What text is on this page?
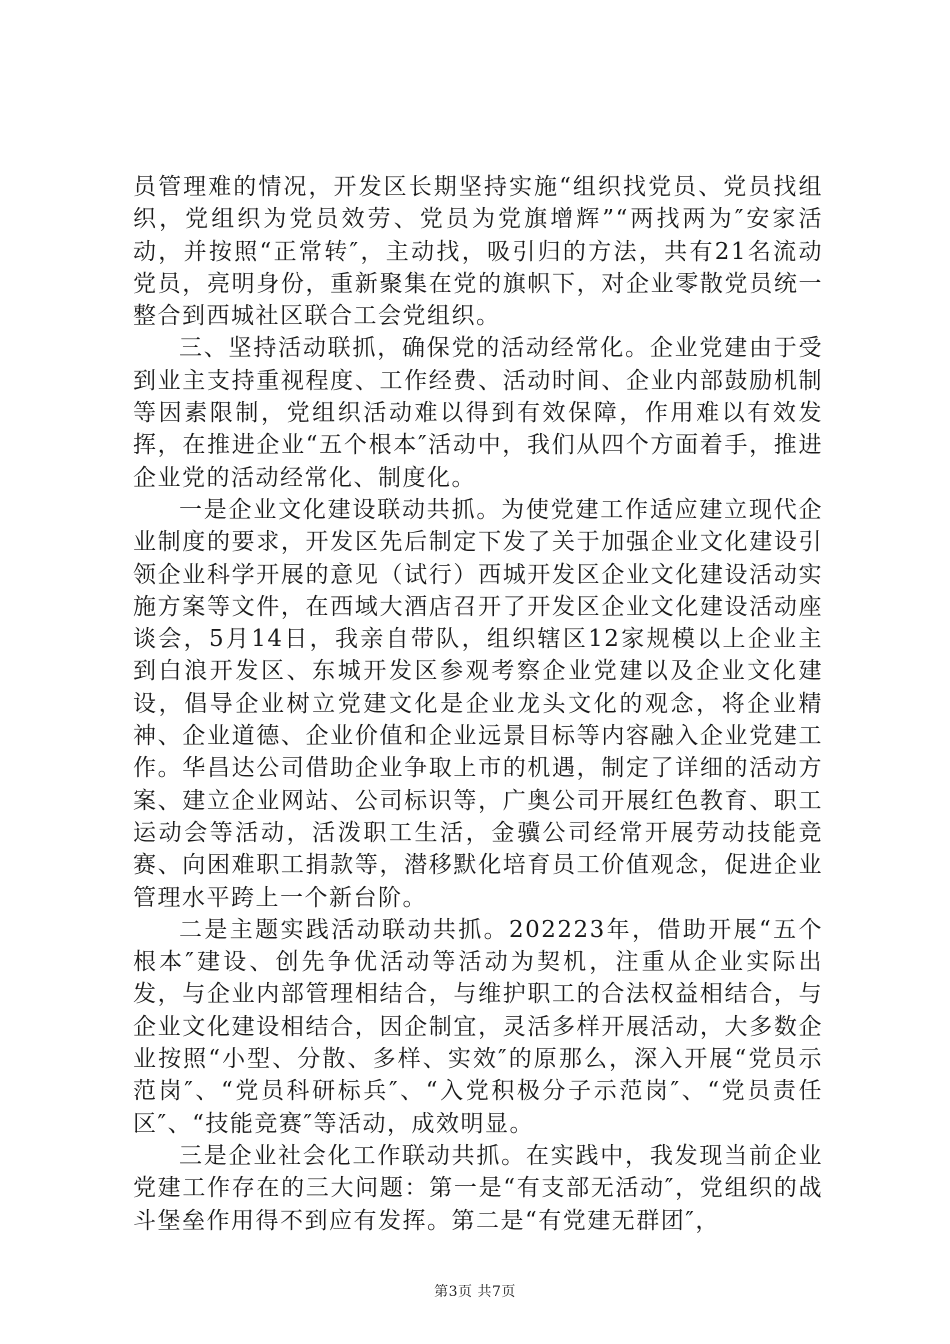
员管理难的情况，开发区长期坚持实施“组织找党员、党员找组织，党组织为党员效劳、党员为党旗增辉”“两找两为″安家活动，并按照“正常转″，主动找，吸引归的方法，共有21名流动党员，亮明身份，重新聚集在党的旗帜下，对企业零散党员统一整合到西城社区联合工会党组织。

三、坚持活动联抓，确保党的活动经常化。企业党建由于受到业主支持重视程度、工作经费、活动时间、企业内部鼓励机制等因素限制，党组织活动难以得到有效保障，作用难以有效发挥，在推进企业“五个根本″活动中，我们从四个方面着手，推进企业党的活动经常化、制度化。

一是企业文化建设联动共抓。为使党建工作适应建立现代企业制度的要求，开发区先后制定下发了关于加强企业文化建设引领企业科学开展的意见（试行）西城开发区企业文化建设活动实施方案等文件，在西域大酒店召开了开发区企业文化建设活动座谈会，5月14日，我亲自带队，组织辖区12家规模以上企业主到白浪开发区、东城开发区参观考察企业党建以及企业文化建设，倡导企业树立党建文化是企业龙头文化的观念，将企业精神、企业道德、企业价值和企业远景目标等内容融入企业党建工作。华昌达公司借助企业争取上市的机遇，制定了详细的活动方案、建立企业网站、公司标识等，广奥公司开展红色教育、职工运动会等活动，活泼职工生活，金骥公司经常开展劳动技能竞赛、向困难职工捐款等，潜移默化培育员工价值观念，促进企业管理水平跨上一个新台阶。

二是主题实践活动联动共抓。202223年，借助开展“五个根本″建设、创先争优活动等活动为契机，注重从企业实际出发，与企业内部管理相结合，与维护职工的合法权益相结合，与企业文化建设相结合，因企制宜，灵活多样开展活动，大多数企业按照“小型、分散、多样、实效″的原那么，深入开展“党员示范岗″、“党员科研标兵″、“入党积极分子示范岗″、“党员责任区″、“技能竞赛″等活动，成效明显。

三是企业社会化工作联动共抓。在实践中，我发现当前企业党建工作存在的三大问题：第一是“有支部无活动″，党组织的战斗堡垒作用得不到应有发挥。第二是“有党建无群团″，

第3页 共7页
